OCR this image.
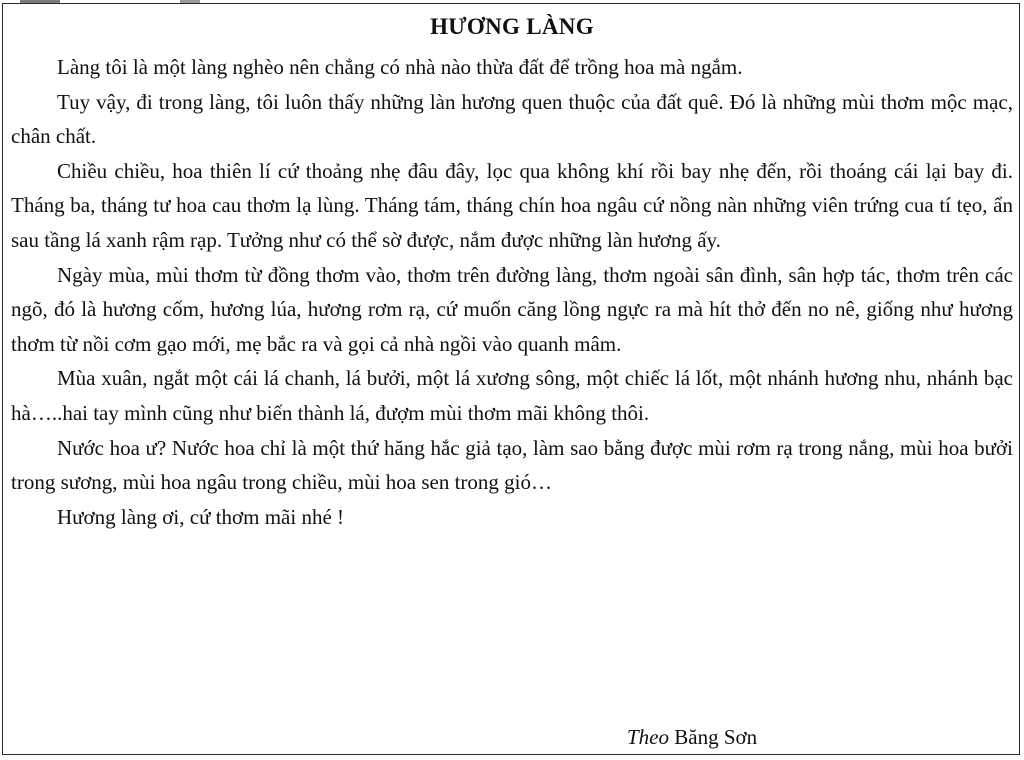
HƯƠNG LÀNG

Làng tôi là một làng nghèo nên chẳng có nhà nào thừa đất để trồng hoa mà ngắm.

Tuy vậy, đi trong làng, tôi luôn thấy những làn hương quen thuộc của đất quê. Đó là những mùi thơm mộc mạc, chân chất.

Chiều chiều, hoa thiên lí cứ thoảng nhẹ đâu đây, lọc qua không khí rồi bay nhẹ đến, rồi thoáng cái lại bay đi. Tháng ba, tháng tư hoa cau thơm lạ lùng. Tháng tám, tháng chín hoa ngâu cứ nồng nàn những viên trứng cua tí tẹo, ẩn sau tầng lá xanh rậm rạp. Tưởng như có thể sờ được, nắm được những làn hương ấy.

Ngày mùa, mùi thơm từ đồng thơm vào, thơm trên đường làng, thơm ngoài sân đình, sân hợp tác, thơm trên các ngõ, đó là hương cốm, hương lúa, hương rơm rạ, cứ muốn căng lồng ngực ra mà hít thở đến no nê, giống như hương thơm từ nồi cơm gạo mới, mẹ bắc ra và gọi cả nhà ngồi vào quanh mâm.

Mùa xuân, ngắt một cái lá chanh, lá bưởi, một lá xương sông, một chiếc lá lốt, một nhánh hương nhu, nhánh bạc hà…..hai tay mình cũng như biến thành lá, đượm mùi thơm mãi không thôi.

Nước hoa ư? Nước hoa chỉ là một thứ hăng hắc giả tạo, làm sao bằng được mùi rơm rạ trong nắng, mùi hoa bưởi trong sương, mùi hoa ngâu trong chiều, mùi hoa sen trong gió…

Hương làng ơi, cứ thơm mãi nhé !

Theo Băng Sơn
